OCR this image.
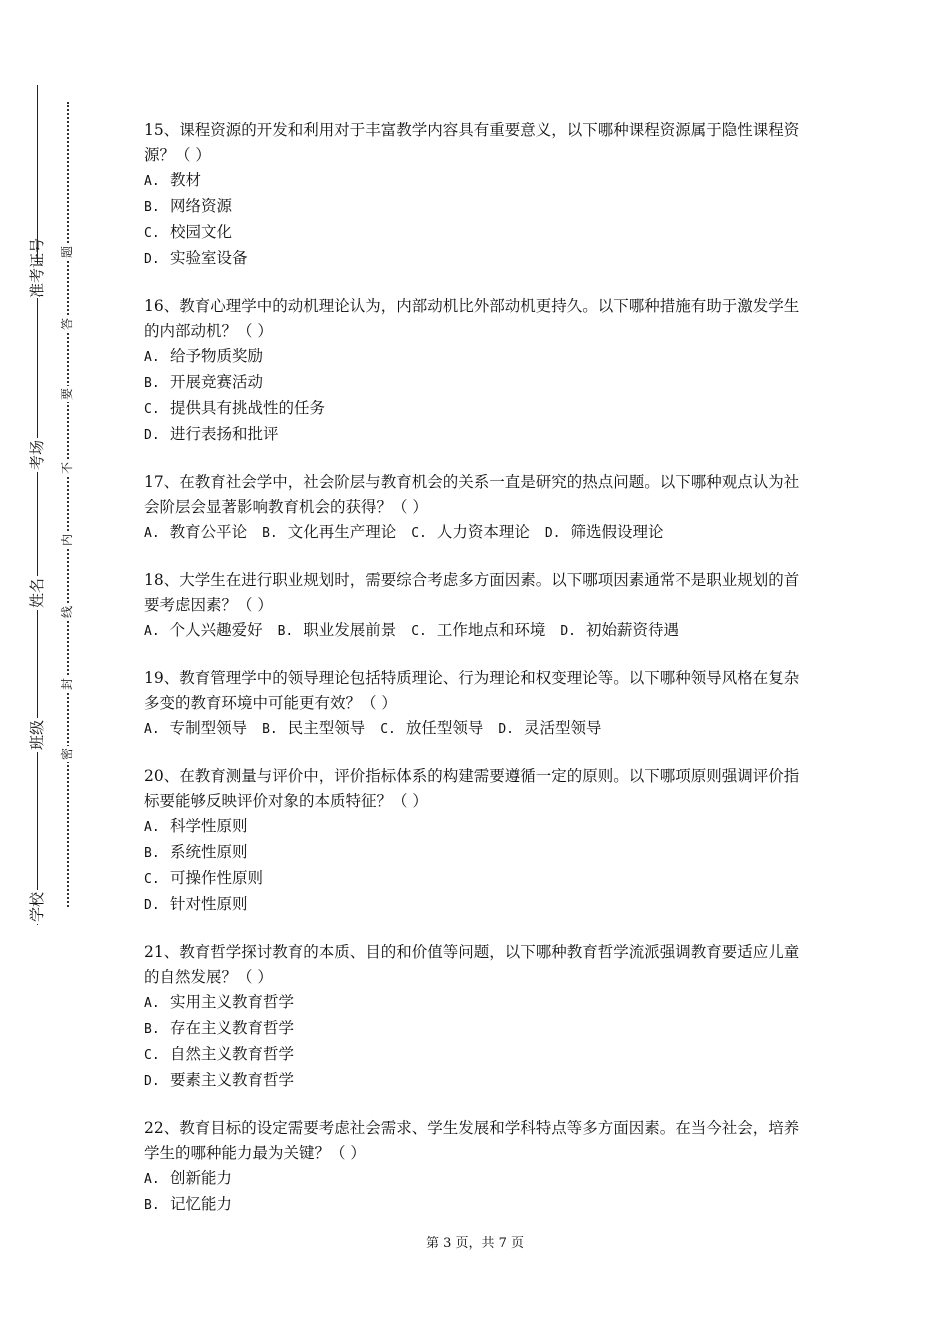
准考证号
考场
姓名
班级
学校
题
答
要
不
内
线
封
密

15、课程资源的开发和利用对于丰富教学内容具有重要意义，以下哪种课程资源属于隐性课程资源？（ ）

A. 教材

B. 网络资源

C. 校园文化

D. 实验室设备

16、教育心理学中的动机理论认为，内部动机比外部动机更持久。以下哪种措施有助于激发学生的内部动机？（ ）

A. 给予物质奖励

B. 开展竞赛活动

C. 提供具有挑战性的任务

D. 进行表扬和批评

17、在教育社会学中，社会阶层与教育机会的关系一直是研究的热点问题。以下哪种观点认为社会阶层会显著影响教育机会的获得？（ ）

A. 教育公平论 B. 文化再生产理论 C. 人力资本理论 D. 筛选假设理论

18、大学生在进行职业规划时，需要综合考虑多方面因素。以下哪项因素通常不是职业规划的首要考虑因素？（ ）

A. 个人兴趣爱好 B. 职业发展前景 C. 工作地点和环境 D. 初始薪资待遇

19、教育管理学中的领导理论包括特质理论、行为理论和权变理论等。以下哪种领导风格在复杂多变的教育环境中可能更有效？（ ）

A. 专制型领导 B. 民主型领导 C. 放任型领导 D. 灵活型领导

20、在教育测量与评价中，评价指标体系的构建需要遵循一定的原则。以下哪项原则强调评价指标要能够反映评价对象的本质特征？（ ）

A. 科学性原则

B. 系统性原则

C. 可操作性原则

D. 针对性原则

21、教育哲学探讨教育的本质、目的和价值等问题，以下哪种教育哲学流派强调教育要适应儿童的自然发展？（ ）

A. 实用主义教育哲学

B. 存在主义教育哲学

C. 自然主义教育哲学

D. 要素主义教育哲学

22、教育目标的设定需要考虑社会需求、学生发展和学科特点等多方面因素。在当今社会，培养学生的哪种能力最为关键？（ ）

A. 创新能力

B. 记忆能力

第 3 页，共 7 页
